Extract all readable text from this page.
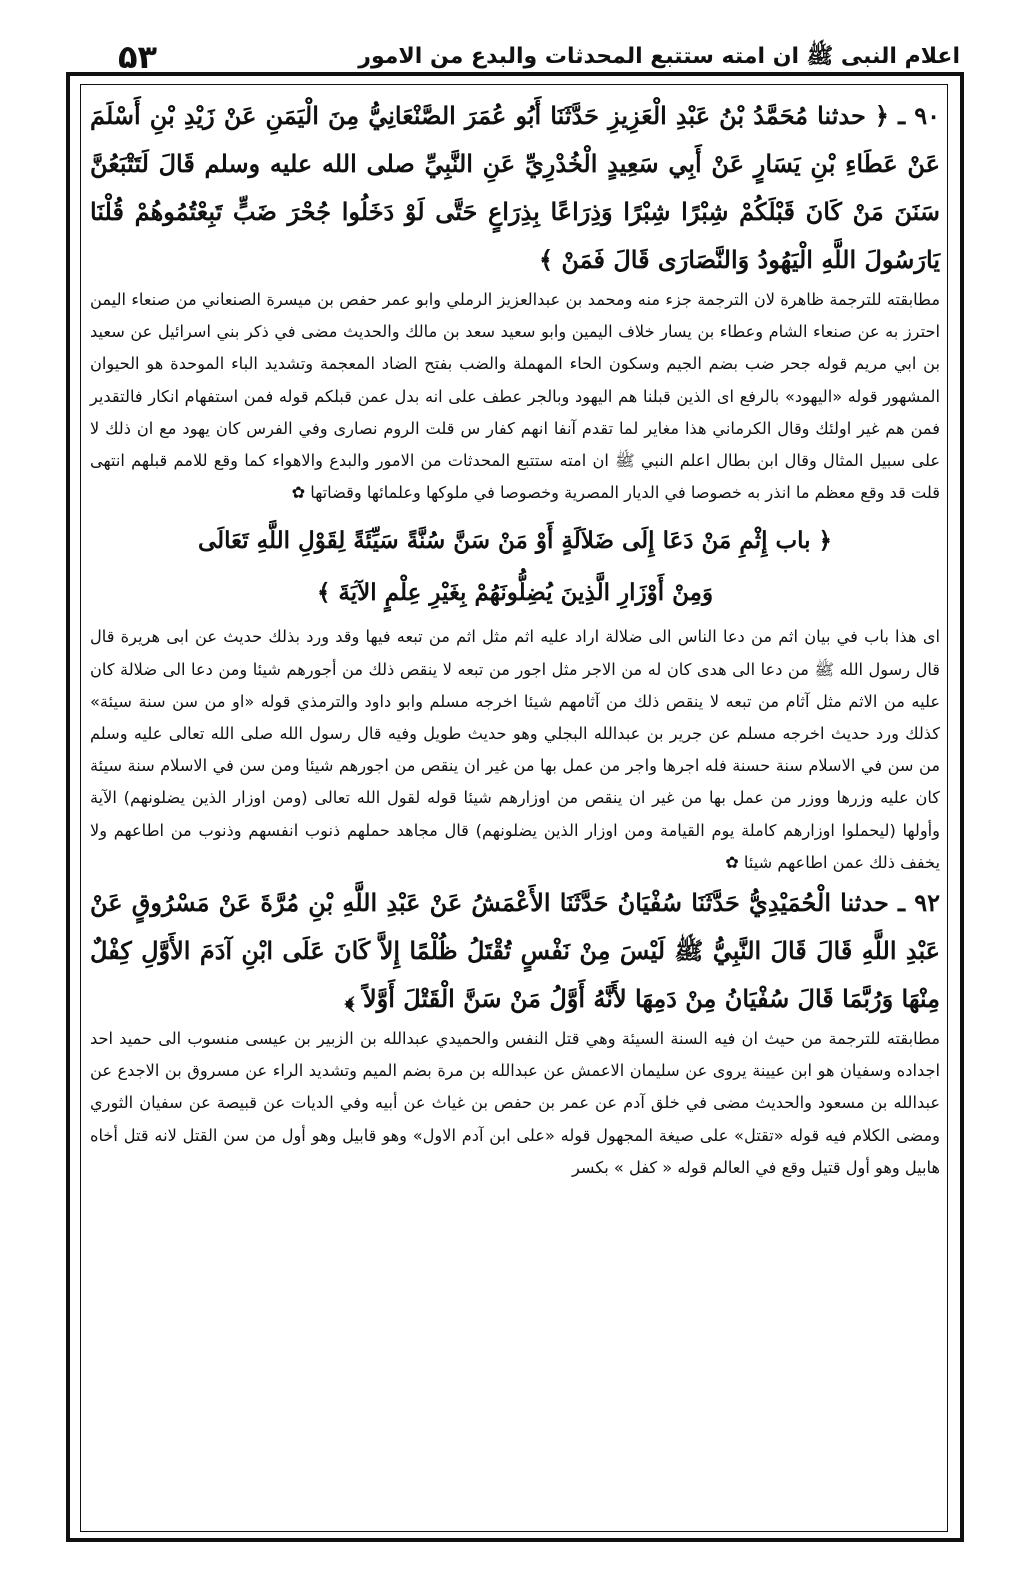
اعلام النبی ﷺ ان امته ستتبع المحدثات والبدع من الامور
۵۳

٩٠ ـ ﴿ حدثنا مُحَمَّدُ بْنُ عَبْدِ الْعَزِيزِ حَدَّثَنَا أَبُو عُمَرَ الصَّنْعَانِيُّ مِنَ الْيَمَنِ عَنْ زَيْدِ بْنِ أَسْلَمَ عَنْ عَطَاءِ بْنِ يَسَارٍ عَنْ أَبِي سَعِيدٍ الْخُدْرِيِّ عَنِ النَّبِيِّ صلى الله عليه وسلم قَالَ لَتَتْبَعُنَّ سَنَنَ مَنْ كَانَ قَبْلَكُمْ شِبْرًا شِبْرًا وَذِرَاعًا بِذِرَاعٍ حَتَّى لَوْ دَخَلُوا جُحْرَ ضَبٍّ تَبِعْتُمُوهُمْ قُلْنَا يَارَسُولَ اللَّهِ الْيَهُودُ وَالنَّصَارَى قَالَ فَمَنْ ﴾

مطابقته للترجمة ظاهرة لان الترجمة جزء منه ومحمد بن عبدالعزيز الرملي وابو عمر حفص بن ميسرة الصنعاني من صنعاء اليمن احترز به عن صنعاء الشام وعطاء بن يسار خلاف اليمين وابو سعيد سعد بن مالك والحديث مضى في ذكر بني اسرائيل عن سعيد بن ابي مريم قوله جحر ضب بضم الجيم وسكون الحاء المهملة والضب بفتح الضاد المعجمة وتشديد الباء الموحدة هو الحيوان المشهور قوله «اليهود» بالرفع اى الذين قبلنا هم اليهود وبالجر عطف على انه بدل عمن قبلكم قوله فمن استفهام انكار فالتقدير فمن هم غير اولئك وقال الكرماني هذا مغاير لما تقدم آنفا انهم كفار س قلت الروم نصارى وفي الفرس كان يهود مع ان ذلك لا على سبيل المثال وقال ابن بطال اعلم النبي ﷺ ان امته ستتبع المحدثات من الامور والبدع والاهواء كما وقع للامم قبلهم انتهى قلت قد وقع معظم ما انذر به خصوصا في الديار المصرية وخصوصا في ملوكها وعلمائها وقضاتها ✿

﴿ باب إِثْمِ مَنْ دَعَا إِلَى ضَلاَلَةٍ أَوْ مَنْ سَنَّ سُنَّةً سَيِّئَةً لِقَوْلِ اللَّهِ تَعَالَى
وَمِنْ أَوْزَارِ الَّذِينَ يُضِلُّونَهُمْ بِغَيْرِ عِلْمٍ الآيَةَ ﴾

اى هذا باب في بيان اثم من دعا الناس الى ضلالة اراد عليه اثم مثل اثم من تبعه فيها وقد ورد بذلك حديث عن ابى هريرة قال قال رسول الله ﷺ من دعا الى هدى كان له من الاجر مثل اجور من تبعه لا ينقص ذلك من أجورهم شيئا ومن دعا الى ضلالة كان عليه من الاثم مثل آثام من تبعه لا ينقص ذلك من آثامهم شيئا اخرجه مسلم وابو داود والترمذي قوله «او من سن سنة سيئة» كذلك ورد حديث اخرجه مسلم عن جرير بن عبدالله البجلي وهو حديث طويل وفيه قال رسول الله صلى الله تعالى عليه وسلم من سن في الاسلام سنة حسنة فله اجرها واجر من عمل بها من غير ان ينقص من اجورهم شيئا ومن سن في الاسلام سنة سيئة كان عليه وزرها ووزر من عمل بها من غير ان ينقص من اوزارهم شيئا قوله لقول الله تعالى (ومن اوزار الذين يضلونهم) الآية وأولها (ليحملوا اوزارهم كاملة يوم القيامة ومن اوزار الذين يضلونهم) قال مجاهد حملهم ذنوب انفسهم وذنوب من اطاعهم ولا يخفف ذلك عمن اطاعهم شيئا ✿

٩٢ ـ حدثنا الْحُمَيْدِيُّ حَدَّثَنَا سُفْيَانُ حَدَّثَنَا الأَعْمَشُ عَنْ عَبْدِ اللَّهِ بْنِ مُرَّةَ عَنْ مَسْرُوقٍ عَنْ عَبْدِ اللَّهِ قَالَ قَالَ النَّبِيُّ ﷺ لَيْسَ مِنْ نَفْسٍ تُقْتَلُ ظُلْمًا إِلاَّ كَانَ عَلَى ابْنِ آدَمَ الأَوَّلِ كِفْلٌ مِنْهَا وَرُبَّمَا قَالَ سُفْيَانُ مِنْ دَمِهَا لأَنَّهُ أَوَّلُ مَنْ سَنَّ الْقَتْلَ أَوَّلاً ﴾

مطابقته للترجمة من حيث ان فيه السنة السيئة وهي قتل النفس والحميدي عبدالله بن الزبير بن عيسى منسوب الى حميد احد اجداده وسفيان هو ابن عيينة يروى عن سليمان الاعمش عن عبدالله بن مرة بضم الميم وتشديد الراء عن مسروق بن الاجدع عن عبدالله بن مسعود والحديث مضى في خلق آدم عن عمر بن حفص بن غياث عن أبيه وفي الديات عن قبيصة عن سفيان الثوري ومضى الكلام فيه قوله «تقتل» على صيغة المجهول قوله «على ابن آدم الاول» وهو قابيل وهو أول من سن القتل لانه قتل أخاه هابيل وهو أول قتيل وقع في العالم قوله « كفل » بكسر
